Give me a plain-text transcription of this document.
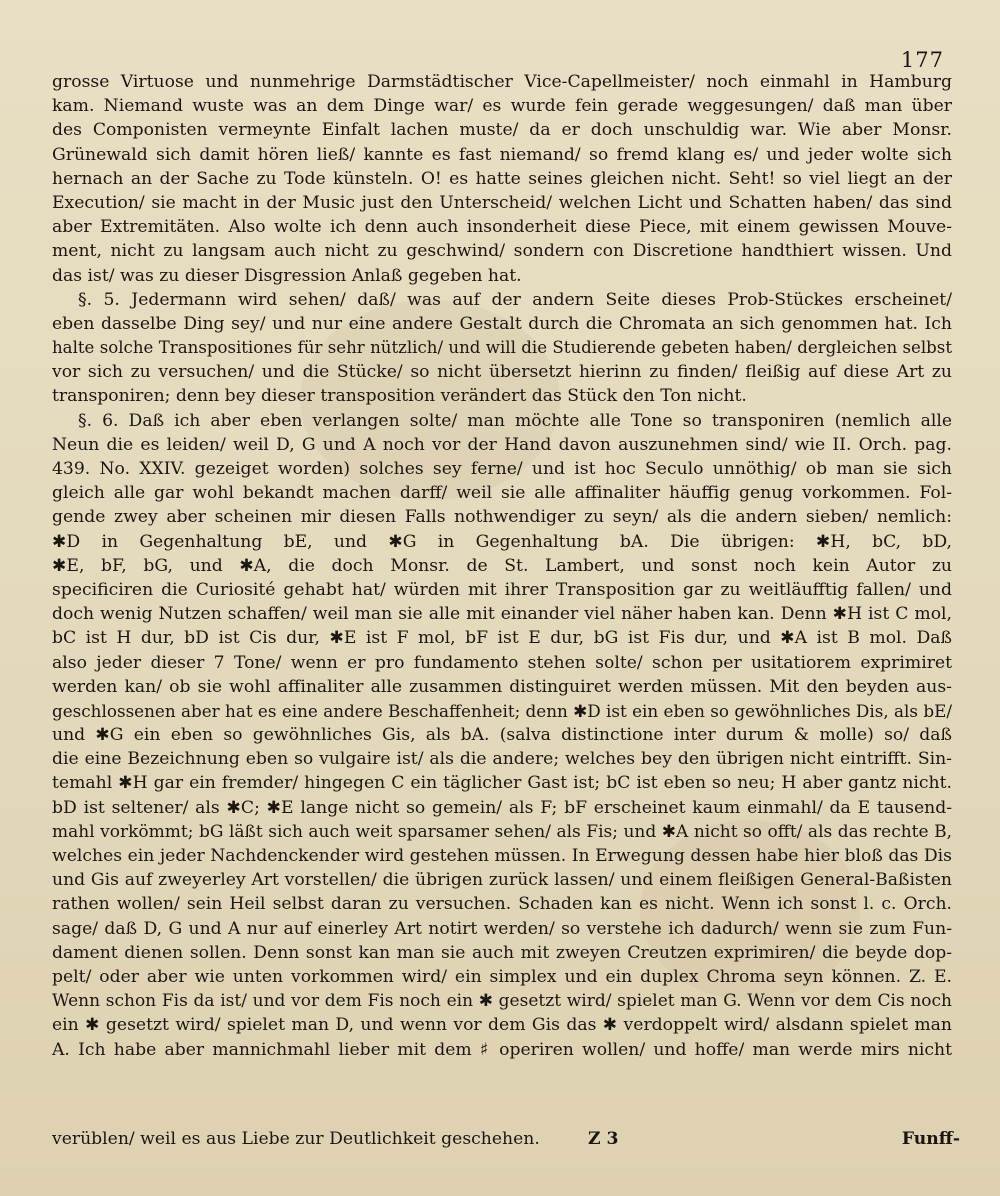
177
grosse Virtuose und nunmehrige Darmstädtischer Vice-Capellmeister/ noch einmahl in Hamburg
kam. Niemand wuste was an dem Dinge war/ es wurde fein gerade weggesungen/ daß man über
des Componisten vermeynte Einfalt lachen muste/ da er doch unschuldig war. Wie aber Monsr.
Grünewald sich damit hören ließ/ kannte es fast niemand/ so fremd klang es/ und jeder wolte sich
hernach an der Sache zu Tode künsteln. O! es hatte seines gleichen nicht. Seht! so viel liegt an der
Execution/ sie macht in der Music just den Unterscheid/ welchen Licht und Schatten haben/ das sind
aber Extremitäten. Also wolte ich denn auch insonderheit diese Piece, mit einem gewissen Mouve-
ment, nicht zu langsam auch nicht zu geschwind/ sondern con Discretione handthiert wissen. Und
das ist/ was zu dieser Disgression Anlaß gegeben hat.
§. 5. Jedermann wird sehen/ daß/ was auf der andern Seite dieses Prob-Stückes erscheinet/
eben dasselbe Ding sey/ und nur eine andere Gestalt durch die Chromata an sich genommen hat. Ich
halte solche Transpositiones für sehr nützlich/ und will die Studierende gebeten haben/ dergleichen selbst
vor sich zu versuchen/ und die Stücke/ so nicht übersetzt hierinn zu finden/ fleißig auf diese Art zu
transponiren; denn bey dieser transposition verändert das Stück den Ton nicht.
§. 6. Daß ich aber eben verlangen solte/ man möchte alle Tone so transponiren (nemlich alle
Neun die es leiden/ weil D, G und A noch vor der Hand davon auszunehmen sind/ wie II. Orch. pag.
439. No. XXIV. gezeiget worden) solches sey ferne/ und ist hoc Seculo unnöthig/ ob man sie sich
gleich alle gar wohl bekandt machen darff/ weil sie alle affinaliter häuffig genug vorkommen. Fol-
gende zwey aber scheinen mir diesen Falls nothwendiger zu seyn/ als die andern sieben/ nemlich:
✱D in Gegenhaltung bE, und ✱G in Gegenhaltung bA. Die übrigen: ✱H, bC, bD,
✱E, bF, bG, und ✱A, die doch Monsr. de St. Lambert, und sonst noch kein Autor zu
specificiren die Curiosité gehabt hat/ würden mit ihrer Transposition gar zu weitläufftig fallen/ und
doch wenig Nutzen schaffen/ weil man sie alle mit einander viel näher haben kan. Denn ✱H ist C mol,
bC ist H dur, bD ist Cis dur, ✱E ist F mol, bF ist E dur, bG ist Fis dur, und ✱A ist B mol. Daß
also jeder dieser 7 Tone/ wenn er pro fundamento stehen solte/ schon per usitatiorem exprimiret
werden kan/ ob sie wohl affinaliter alle zusammen distinguiret werden müssen. Mit den beyden aus-
geschlossenen aber hat es eine andere Beschaffenheit; denn ✱D ist ein eben so gewöhnliches Dis, als bE/
und ✱G ein eben so gewöhnliches Gis, als bA. (salva distinctione inter durum & molle) so/ daß
die eine Bezeichnung eben so vulgaire ist/ als die andere; welches bey den übrigen nicht eintrifft. Sin-
temahl ✱H gar ein fremder/ hingegen C ein täglicher Gast ist; bC ist eben so neu; H aber gantz nicht.
bD ist seltener/ als ✱C; ✱E lange nicht so gemein/ als F; bF erscheinet kaum einmahl/ da E tausend-
mahl vorkömmt; bG läßt sich auch weit sparsamer sehen/ als Fis; und ✱A nicht so offt/ als das rechte B,
welches ein jeder Nachdenckender wird gestehen müssen. In Erwegung dessen habe hier bloß das Dis
und Gis auf zweyerley Art vorstellen/ die übrigen zurück lassen/ und einem fleißigen General-Baßisten
rathen wollen/ sein Heil selbst daran zu versuchen. Schaden kan es nicht. Wenn ich sonst l. c. Orch.
sage/ daß D, G und A nur auf einerley Art notirt werden/ so verstehe ich dadurch/ wenn sie zum Fun-
dament dienen sollen. Denn sonst kan man sie auch mit zweyen Creutzen exprimiren/ die beyde dop-
pelt/ oder aber wie unten vorkommen wird/ ein simplex und ein duplex Chroma seyn können. Z. E.
Wenn schon Fis da ist/ und vor dem Fis noch ein ✱ gesetzt wird/ spielet man G. Wenn vor dem Cis noch
ein ✱ gesetzt wird/ spielet man D, und wenn vor dem Gis das ✱ verdoppelt wird/ alsdann spielet man
A. Ich habe aber mannichmahl lieber mit dem ♯ operiren wollen/ und hoffe/ man werde mirs nicht
verüblen/ weil es aus Liebe zur Deutlichkeit geschehen.	Z 3	Funff-
